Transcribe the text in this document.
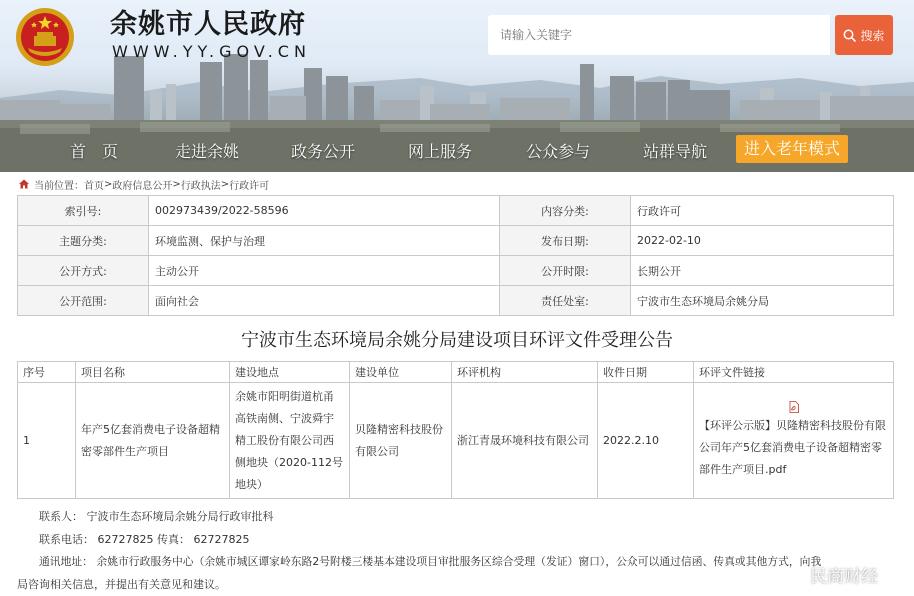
余姚市人民政府
WWW.YY.GOV.CN
请输入关键字
搜索
首　页	走进余姚	政务公开	网上服务	公众参与	站群导航	进入老年模式
当前位置： 首页 > 政府信息公开 > 行政执法 > 行政许可
索引号:	002973439/2022-58596	内容分类:	行政许可
主题分类:	环境监测、保护与治理	发布日期:	2022-02-10
公开方式:	主动公开	公开时限:	长期公开
公开范围:	面向社会	责任处室:	宁波市生态环境局余姚分局
宁波市生态环境局余姚分局建设项目环评文件受理公告
序号	项目名称	建设地点	建设单位	环评机构	收件日期	环评文件链接
1	年产5亿套消费电子设备超精密零部件生产项目	余姚市阳明街道杭甬高铁南侧、宁波舜宇精工股份有限公司西侧地块（2020-112号地块）	贝隆精密科技股份有限公司	浙江青晟环境科技有限公司	2022.2.10	【环评公示版】贝隆精密科技股份有限公司年产5亿套消费电子设备超精密零部件生产项目.pdf
联系人： 宁波市生态环境局余姚分局行政审批科
联系电话： 62727825 传真： 62727825
通讯地址： 余姚市行政服务中心（余姚市城区谭家岭东路2号附楼三楼基本建设项目审批服务区综合受理（发证）窗口），公众可以通过信函、传真或其他方式，向我
局咨询相关信息，并提出有关意见和建议。	民商财经
